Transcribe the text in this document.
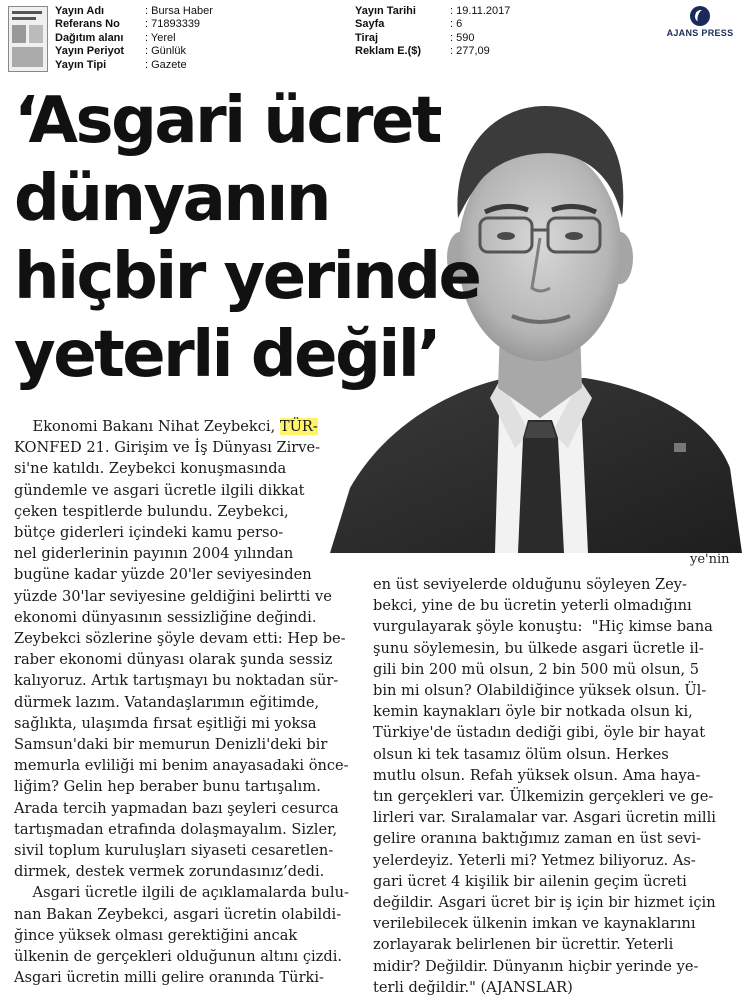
Yayın Adı	: Bursa Haber
Referans No : 71893339
Dağıtım alanı : Yerel
Yayın Periyot : Günlük
Yayın Tipi	: Gazete
Yayın Tarihi	: 19.11.2017
Sayfa	: 6
Tiraj	: 590
Reklam E.($)	: 277,09
AJANS PRESS
‘Asgari ücret
dünyanın
hiçbir yerinde
yeterli değil’
Ekonomi Bakanı Nihat Zeybekci, TÜR-
KONFED 21. Girişim ve İş Dünyası Zirve-
si'ne katıldı. Zeybekci konuşmasında
gündemle ve asgari ücretle ilgili dikkat
çeken tespitlerde bulundu. Zeybekci,
bütçe giderleri içindeki kamu perso-
nel giderlerinin payının 2004 yılından
bugüne kadar yüzde 20'ler seviyesinden
yüzde 30'lar seviyesine geldiğini belirtti ve
ekonomi dünyasının sessizliğine değindi.
Zeybekci sözlerine şöyle devam etti: Hep be-
raber ekonomi dünyası olarak şunda sessiz
kalıyoruz. Artık tartışmayı bu noktadan sür-
dürmek lazım. Vatandaşlarımın eğitimde,
sağlıkta, ulaşımda fırsat eşitliği mi yoksa
Samsun'daki bir memurun Denizli'deki bir
memurla evliliği mi benim anayasadaki önce-
liğim? Gelin hep beraber bunu tartışalım.
Arada tercih yapmadan bazı şeyleri cesurca
tartışmadan etrafında dolaşmayalım. Sizler,
sivil toplum kuruluşları siyaseti cesaretlen-
dirmek, destek vermek zorundasınız’dedi.
Asgari ücretle ilgili de açıklamalarda bulu-
nan Bakan Zeybekci, asgari ücretin olabildi-
ğince yüksek olması gerektiğini ancak
ülkenin de gerçekleri olduğunun altını çizdi.
Asgari ücretin milli gelire oranında Türki-
ye'nin
en üst seviyelerde olduğunu söyleyen Zey-
bekci, yine de bu ücretin yeterli olmadığını
vurgulayarak şöyle konuştu:  "Hiç kimse bana
şunu söylemesin, bu ülkede asgari ücretle il-
gili bin 200 mü olsun, 2 bin 500 mü olsun, 5
bin mi olsun? Olabildiğince yüksek olsun. Ül-
kemin kaynakları öyle bir notkada olsun ki,
Türkiye'de üstadın dediği gibi, öyle bir hayat
olsun ki tek tasamız ölüm olsun. Herkes
mutlu olsun. Refah yüksek olsun. Ama haya-
tın gerçekleri var. Ülkemizin gerçekleri ve ge-
lirleri var. Sıralamalar var. Asgari ücretin milli
gelire oranına baktığımız zaman en üst sevi-
yelerdeyiz. Yeterli mi? Yetmez biliyoruz. As-
gari ücret 4 kişilik bir ailenin geçim ücreti
değildir. Asgari ücret bir iş için bir hizmet için
verilebilecek ülkenin imkan ve kaynaklarını
zorlayarak belirlenen bir ücrettir. Yeterli
midir? Değildir. Dünyanın hiçbir yerinde ye-
terli değildir." (AJANSLAR)
